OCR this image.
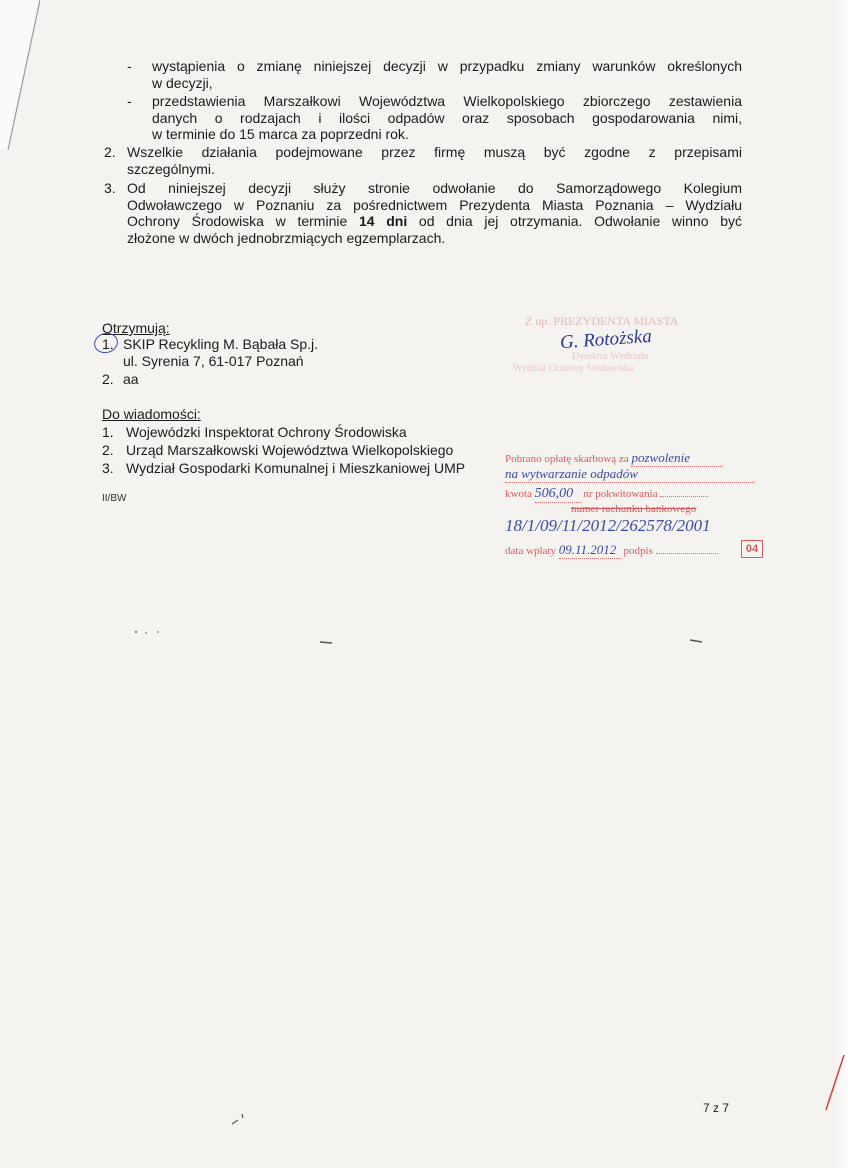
- wystąpienia o zmianę niniejszej decyzji w przypadku zmiany warunków określonych
w decyzji,
- przedstawienia Marszałkowi Województwa Wielkopolskiego zbiorczego zestawienia
danych o rodzajach i ilości odpadów oraz sposobach gospodarowania nimi,
w terminie do 15 marca za poprzedni rok.
2. Wszelkie działania podejmowane przez firmę muszą być zgodne z przepisami
szczególnymi.
3. Od niniejszej decyzji służy stronie odwołanie do Samorządowego Kolegium
Odwoławczego w Poznaniu za pośrednictwem Prezydenta Miasta Poznania – Wydziału
Ochrony Środowiska w terminie 14 dni od dnia jej otrzymania. Odwołanie winno być
złożone w dwóch jednobrzmiących egzemplarzach.
Otrzymują:
1. SKIP Recykling M. Bąbała Sp.j.
ul. Syrenia 7, 61-017 Poznań
2. aa
Z up. PREZYDENTA MIASTA
G. Rotożska
Dyrektor Wydziału
Wydział Ochrony Środowiska
Do wiadomości:
1. Wojewódzki Inspektorat Ochrony Środowiska
2. Urząd Marszałkowski Województwa Wielkopolskiego
3. Wydział Gospodarki Komunalnej i Mieszkaniowej UMP
II/BW
Pobrano opłatę skarbową za pozwolenie
na wytwarzanie odpadów
kwota 506,00 nr pokwitowania
numer rachunku bankowego
18/1/09/11/2012/262578/2001
data wpłaty 09.11.2012 podpis	04
7 z 7
